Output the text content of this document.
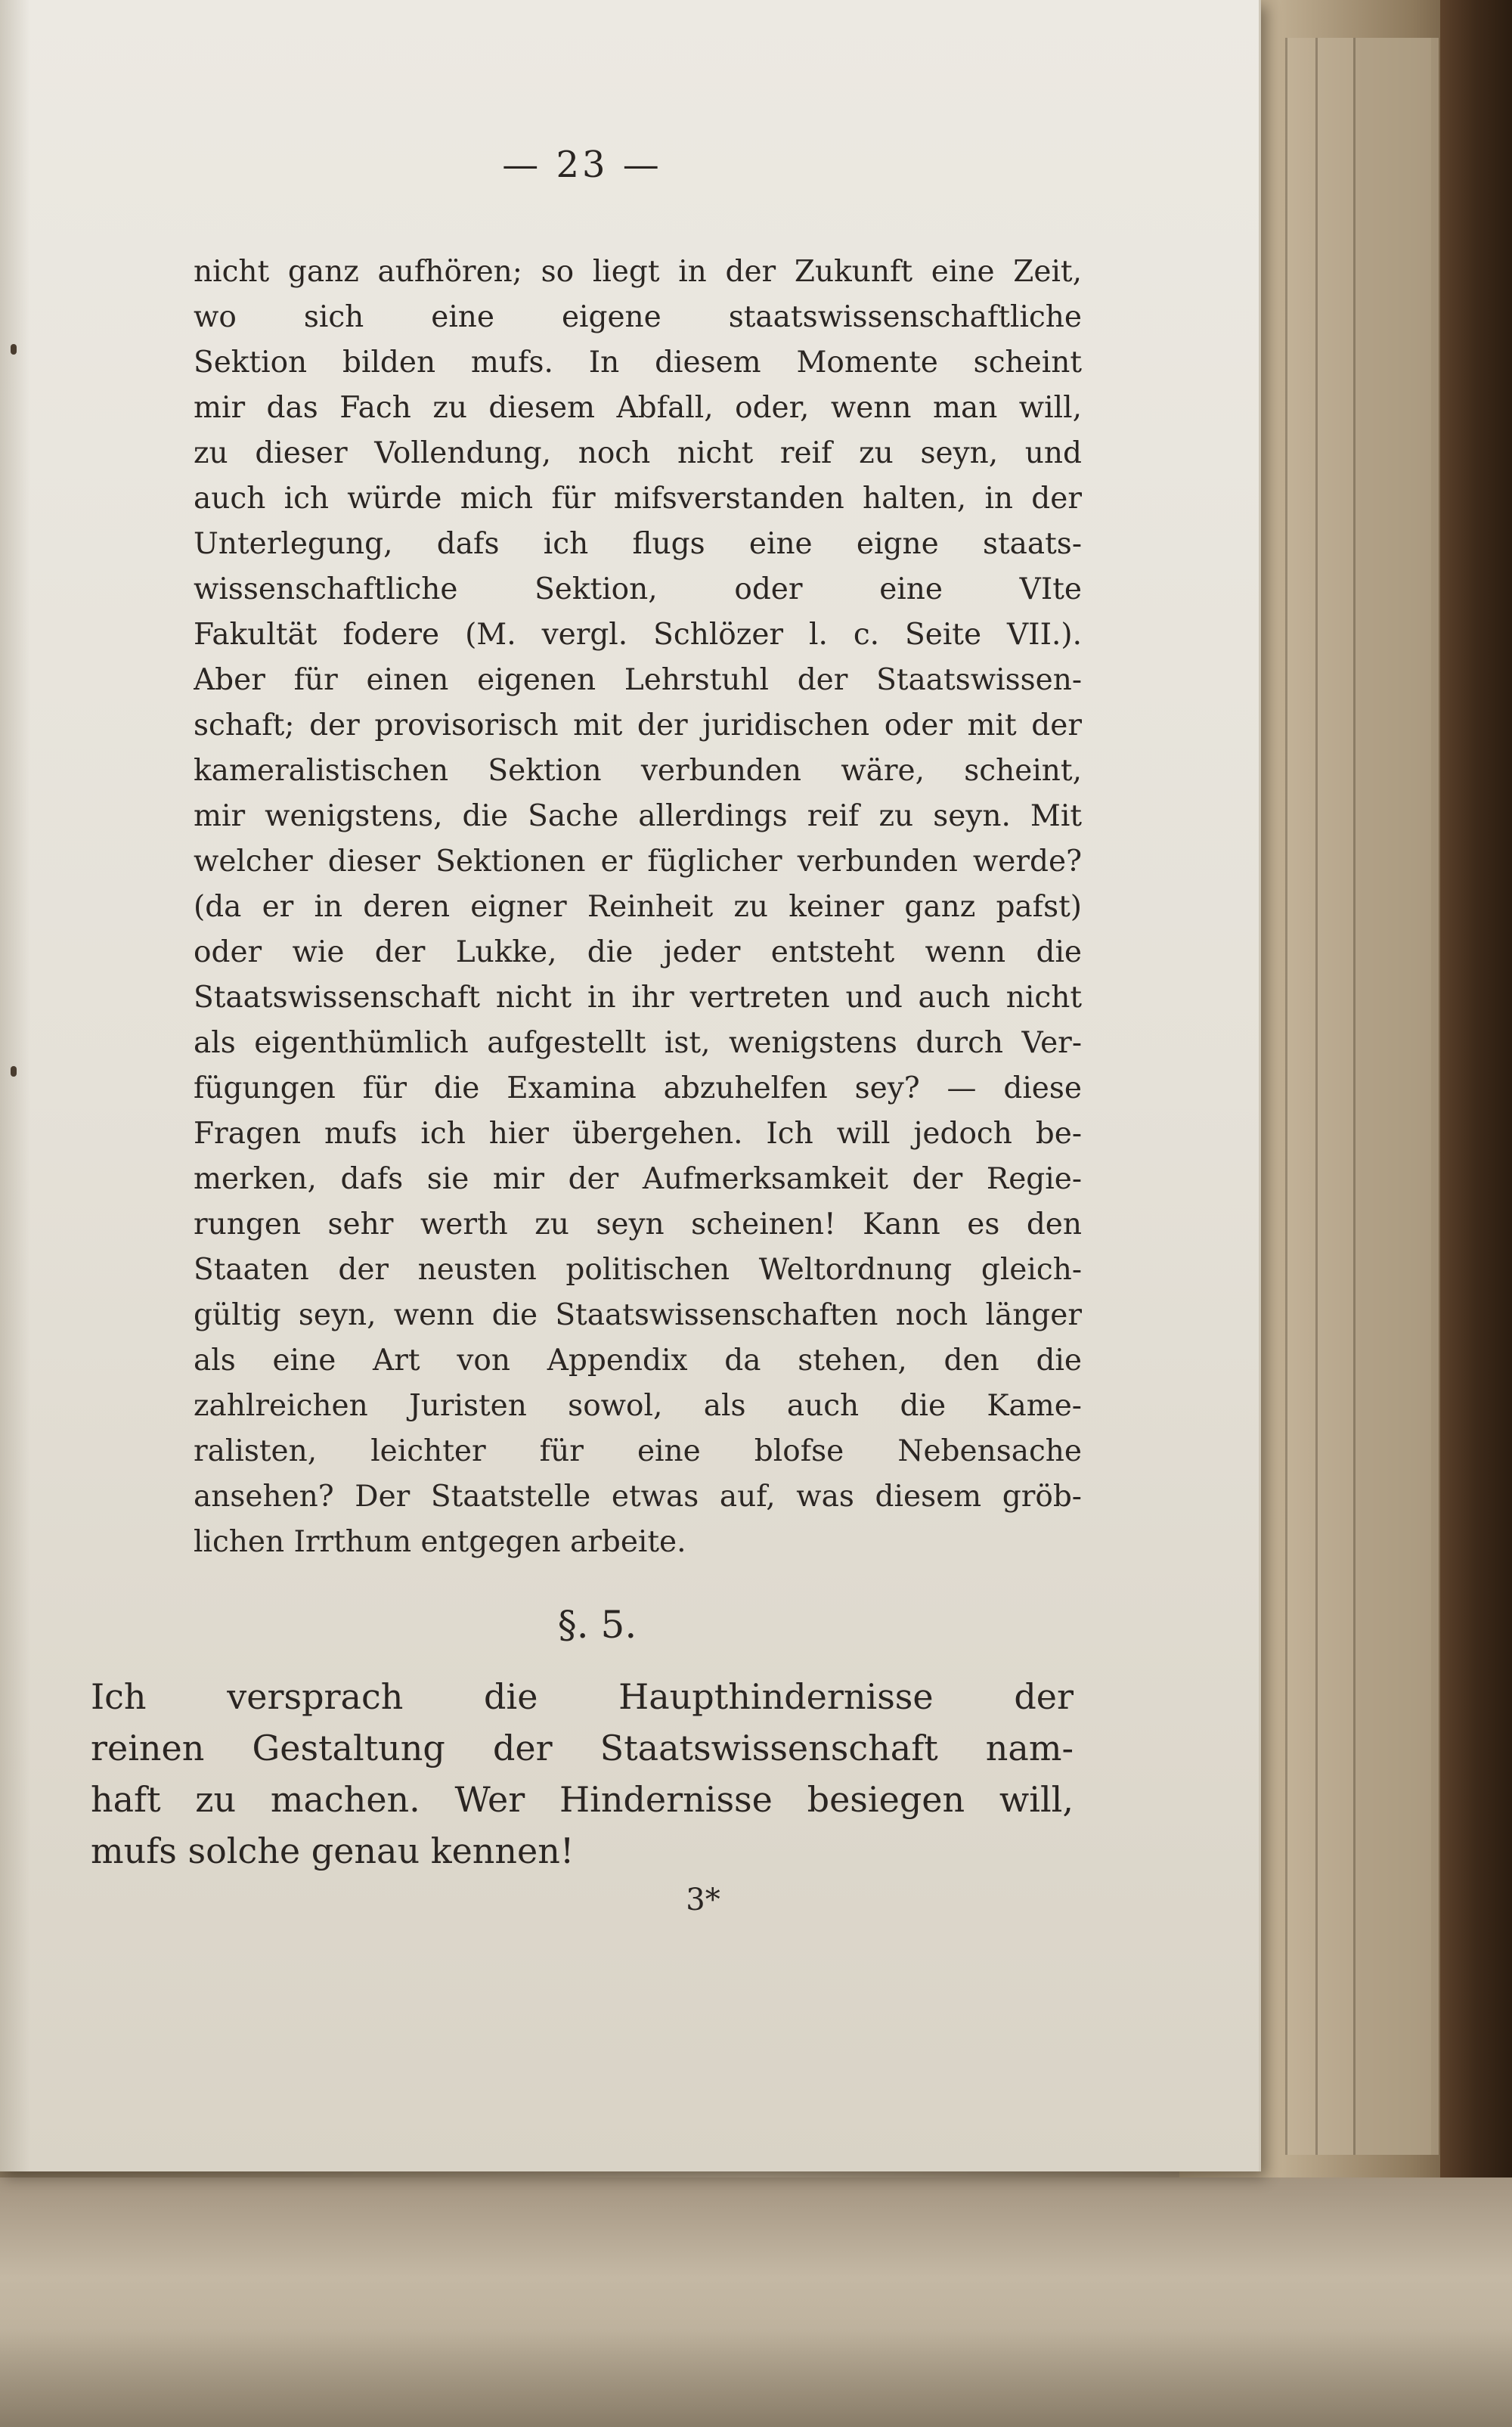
— 23 —
nicht ganz aufhören; so liegt in der Zukunft eine Zeit,
wo sich eine eigene staatswissenschaftliche
Sektion bilden mufs. In diesem Momente scheint
mir das Fach zu diesem Abfall, oder, wenn man will,
zu dieser Vollendung, noch nicht reif zu seyn, und
auch ich würde mich für mifsverstanden halten, in der
Unterlegung, dafs ich flugs eine eigne staats-
wissenschaftliche Sektion, oder eine VIte
Fakultät fodere (M. vergl. Schlözer l. c. Seite VII.).
Aber für einen eigenen Lehrstuhl der Staatswissen-
schaft; der provisorisch mit der juridischen oder mit der
kameralistischen Sektion verbunden wäre, scheint,
mir wenigstens, die Sache allerdings reif zu seyn. Mit
welcher dieser Sektionen er füglicher verbunden werde?
(da er in deren eigner Reinheit zu keiner ganz pafst)
oder wie der Lukke, die jeder entsteht wenn die
Staatswissenschaft nicht in ihr vertreten und auch nicht
als eigenthümlich aufgestellt ist, wenigstens durch Ver-
fügungen für die Examina abzuhelfen sey? — diese
Fragen mufs ich hier übergehen. Ich will jedoch be-
merken, dafs sie mir der Aufmerksamkeit der Regie-
rungen sehr werth zu seyn scheinen! Kann es den
Staaten der neusten politischen Weltordnung gleich-
gültig seyn, wenn die Staatswissenschaften noch länger
als eine Art von Appendix da stehen, den die
zahlreichen Juristen sowol, als auch die Kame-
ralisten, leichter für eine blofse Nebensache
ansehen? Der Staatstelle etwas auf, was diesem gröb-
lichen Irrthum entgegen arbeite.
§. 5.
Ich versprach die Haupthindernisse der
reinen Gestaltung der Staatswissenschaft nam-
haft zu machen. Wer Hindernisse besiegen will,
mufs solche genau kennen!
3*
